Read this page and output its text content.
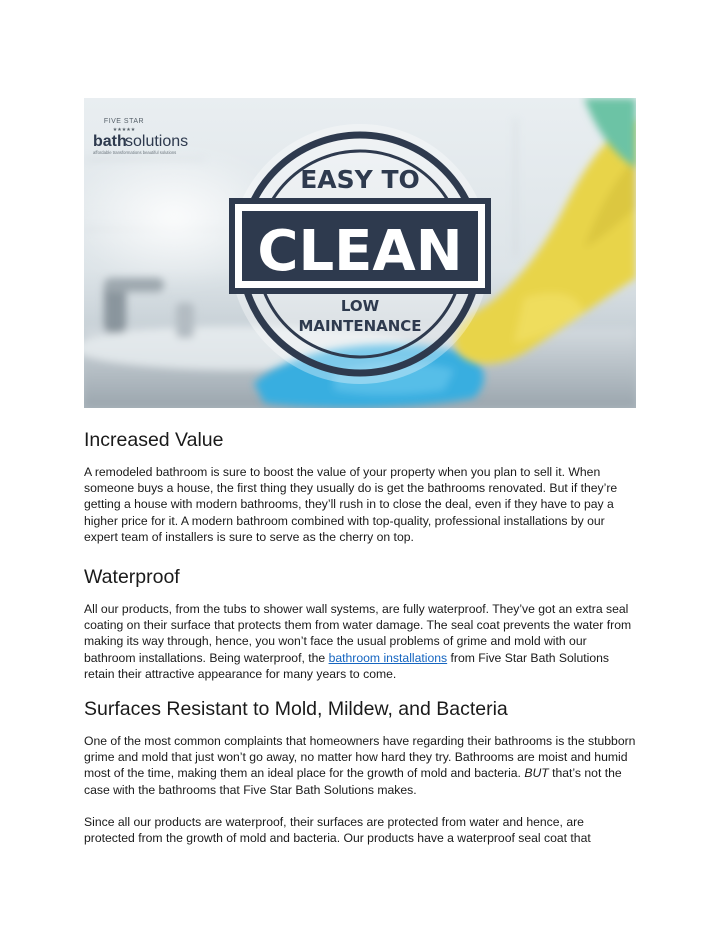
EASY TO
CLEAN
LOW
MAINTENANCE
FIVE STAR
★★★★★
bath
solutions
affordable transformations beautiful solutions
Increased Value

A remodeled bathroom is sure to boost the value of your property when you plan to sell it. When someone buys a house, the first thing they usually do is get the bathrooms renovated. But if they’re getting a house with modern bathrooms, they’ll rush in to close the deal, even if they have to pay a higher price for it. A modern bathroom combined with top-quality, professional installations by our expert team of installers is sure to serve as the cherry on top.

Waterproof

All our products, from the tubs to shower wall systems, are fully waterproof. They’ve got an extra seal coating on their surface that protects them from water damage. The seal coat prevents the water from making its way through, hence, you won’t face the usual problems of grime and mold with our bathroom installations. Being waterproof, the bathroom installations from Five Star Bath Solutions retain their attractive appearance for many years to come.

Surfaces Resistant to Mold, Mildew, and Bacteria

One of the most common complaints that homeowners have regarding their bathrooms is the stubborn grime and mold that just won’t go away, no matter how hard they try. Bathrooms are moist and humid most of the time, making them an ideal place for the growth of mold and bacteria. BUT that’s not the case with the bathrooms that Five Star Bath Solutions makes.

Since all our products are waterproof, their surfaces are protected from water and hence, are protected from the growth of mold and bacteria. Our products have a waterproof seal coat that
